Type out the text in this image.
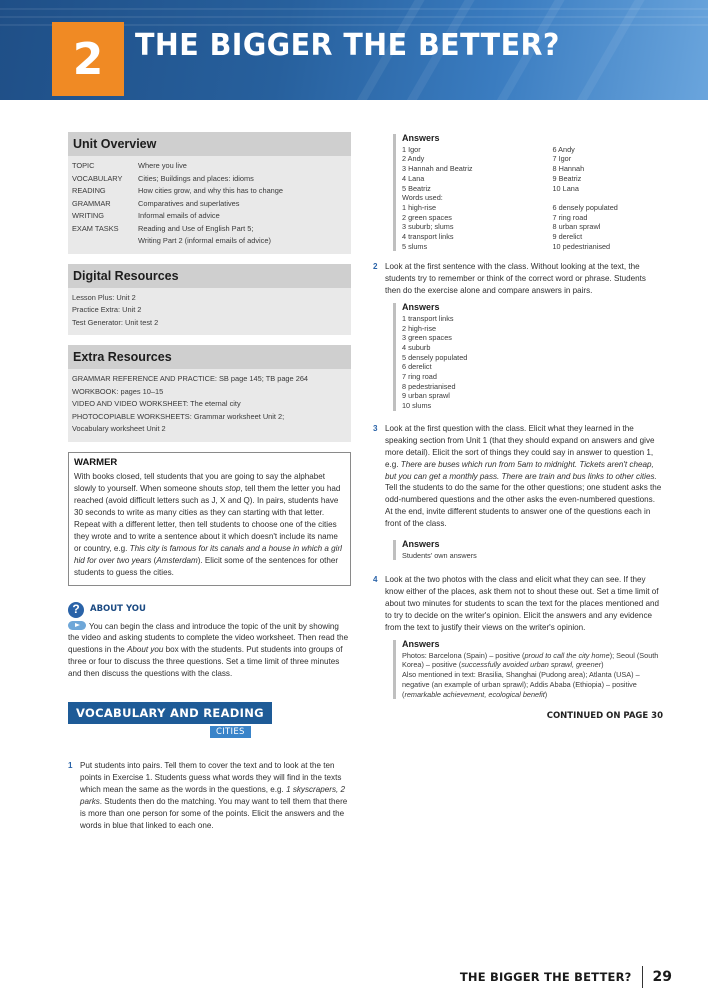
2	THE BIGGER THE BETTER?
Unit Overview
TOPIC	Where you live
VOCABULARY	Cities; Buildings and places: idioms
READING	How cities grow, and why this has to change
GRAMMAR	Comparatives and superlatives
WRITING	Informal emails of advice
EXAM TASKS	Reading and Use of English Part 5;
Writing Part 2 (informal emails of advice)
Digital Resources
Lesson Plus: Unit 2
Practice Extra: Unit 2
Test Generator: Unit test 2
Extra Resources
GRAMMAR REFERENCE AND PRACTICE: SB page 145; TB page 264
WORKBOOK: pages 10–15
VIDEO AND VIDEO WORKSHEET: The eternal city
PHOTOCOPIABLE WORKSHEETS: Grammar worksheet Unit 2;
Vocabulary worksheet Unit 2
WARMER
With books closed, tell students that you are going to say the alphabet slowly to yourself. When someone shouts stop, tell them the letter you had reached (avoid difficult letters such as J, X and Q). In pairs, students have 30 seconds to write as many cities as they can starting with that letter. Repeat with a different letter, then tell students to choose one of the cities they wrote and to write a sentence about it which doesn't include its name or country, e.g. This city is famous for its canals and a house in which a girl hid for over two years (Amsterdam). Elicit some of the sentences for other students to guess the cities.
?	ABOUT YOU
You can begin the class and introduce the topic of the unit by showing the video and asking students to complete the video worksheet. Then read the questions in the About you box with the students. Put students into groups of three or four to discuss the three questions. Set a time limit of three minutes and then discuss the questions with the class.
VOCABULARY AND READING
CITIES
1 Put students into pairs. Tell them to cover the text and to look at the ten points in Exercise 1. Students guess what words they will find in the texts which mean the same as the words in the questions, e.g. 1 skyscrapers, 2 parks. Students then do the matching. You may want to tell them that there is more than one person for some of the points. Elicit the answers and the words in blue that linked to each one.
Answers
1 Igor
2 Andy
3 Hannah and Beatriz
4 Lana
5 Beatriz
6 Andy
7 Igor
8 Hannah
9 Beatriz
10 Lana
Words used:
1 high-rise
2 green spaces
3 suburb; slums
4 transport links
5 slums
6 densely populated
7 ring road
8 urban sprawl
9 derelict
10 pedestrianised
2 Look at the first sentence with the class. Without looking at the text, the students try to remember or think of the correct word or phrase. Students then do the exercise alone and compare answers in pairs.
Answers
1 transport links
2 high-rise
3 green spaces
4 suburb
5 densely populated
6 derelict
7 ring road
8 pedestrianised
9 urban sprawl
10 slums
3 Look at the first question with the class. Elicit what they learned in the speaking section from Unit 1 (that they should expand on answers and give more detail). Elicit the sort of things they could say in answer to question 1, e.g. There are buses which run from 5am to midnight. Tickets aren't cheap, but you can get a monthly pass. There are train and bus links to other cities. Tell the students to do the same for the other questions; one student asks the odd-numbered questions and the other asks the even-numbered questions. At the end, invite different students to answer one of the questions each in front of the class.
Answers
Students' own answers
4 Look at the two photos with the class and elicit what they can see. If they know either of the places, ask them not to shout these out. Set a time limit of about two minutes for students to scan the text for the places mentioned and to try to decide on the writer's opinion. Elicit the answers and any evidence from the text to justify their views on the writer's opinion.
Answers
Photos: Barcelona (Spain) – positive (proud to call the city home); Seoul (South Korea) – positive (successfully avoided urban sprawl, greener)
Also mentioned in text: Brasilia, Shanghai (Pudong area); Atlanta (USA) – negative (an example of urban sprawl); Addis Ababa (Ethiopia) – positive (remarkable achievement, ecological benefit)
CONTINUED ON PAGE 30
THE BIGGER THE BETTER? 29
